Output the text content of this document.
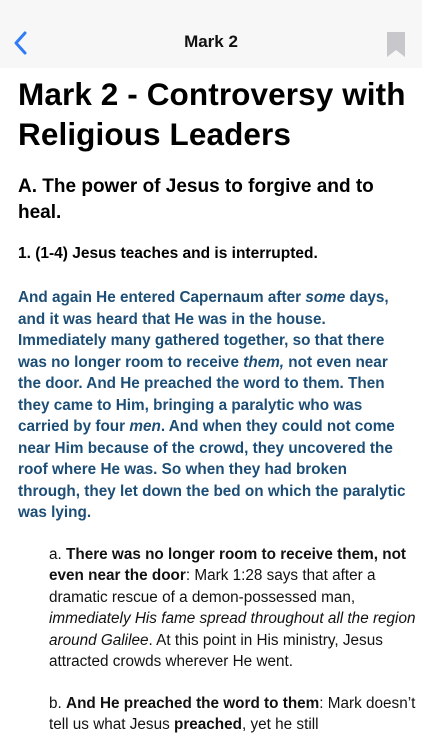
Mark 2
Mark 2 - Controversy with Religious Leaders
A. The power of Jesus to forgive and to heal.
1. (1-4) Jesus teaches and is interrupted.

And again He entered Capernaum after some days, and it was heard that He was in the house. Immediately many gathered together, so that there was no longer room to receive them, not even near the door. And He preached the word to them. Then they came to Him, bringing a paralytic who was carried by four men. And when they could not come near Him because of the crowd, they uncovered the roof where He was. So when they had broken through, they let down the bed on which the paralytic was lying.

a. There was no longer room to receive them, not even near the door: Mark 1:28 says that after a dramatic rescue of a demon-possessed man, immediately His fame spread throughout all the region around Galilee. At this point in His ministry, Jesus attracted crowds wherever He went.

b. And He preached the word to them: Mark doesn’t tell us what Jesus preached, yet he still
